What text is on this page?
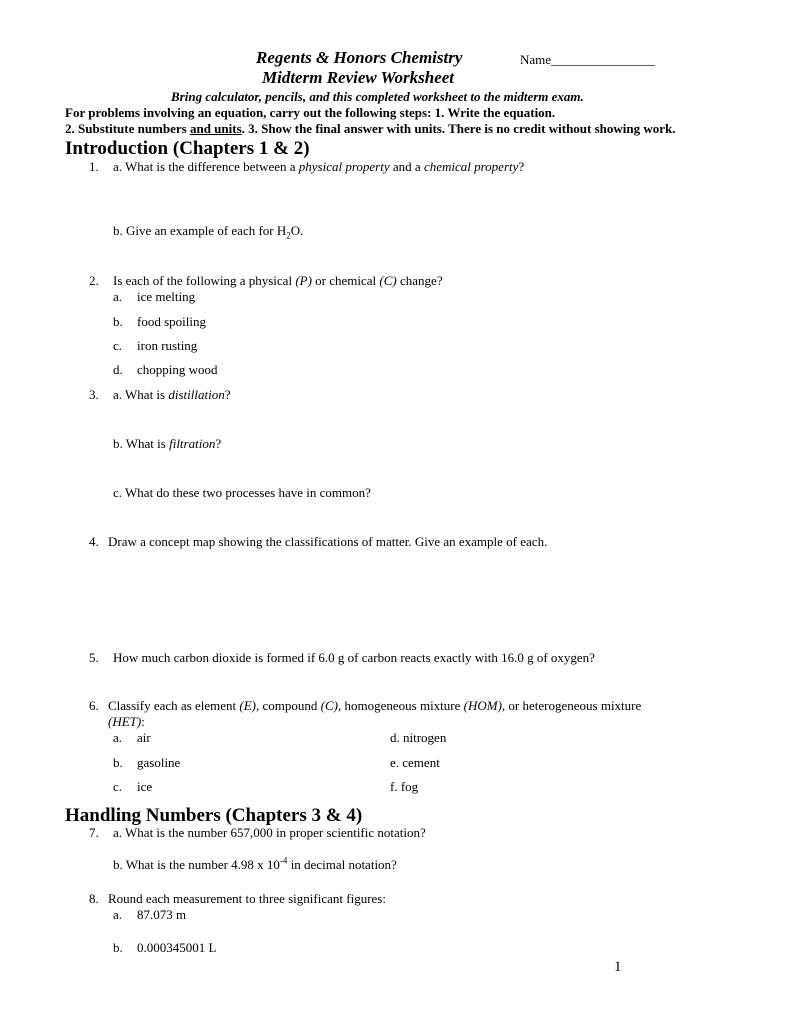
Regents & Honors Chemistry	Name________________
Midterm Review Worksheet
Bring calculator, pencils, and this completed worksheet to the midterm exam.
For problems involving an equation, carry out the following steps: 1. Write the equation.
2. Substitute numbers and units. 3. Show the final answer with units. There is no credit without showing work.
Introduction (Chapters 1 & 2)
1. a. What is the difference between a physical property and a chemical property?
b. Give an example of each for $H_2O$.
2. Is each of the following a physical (P) or chemical (C) change?
a. ice melting
b. food spoiling
c. iron rusting
d. chopping wood
3. a. What is distillation?
b. What is filtration?
c. What do these two processes have in common?
4. Draw a concept map showing the classifications of matter. Give an example of each.
5. How much carbon dioxide is formed if 6.0 g of carbon reacts exactly with 16.0 g of oxygen?
6. Classify each as element (E), compound (C), homogeneous mixture (HOM), or heterogeneous mixture
(HET):
a. air
b. gasoline
c. ice
d. nitrogen
e. cement
f. fog
Handling Numbers (Chapters 3 & 4)
7. a. What is the number 657,000 in proper scientific notation?
b. What is the number 4.98 x $10^{-4}$ in decimal notation?
8. Round each measurement to three significant figures:
a. 87.073 m
b. 0.000345001 L
1
